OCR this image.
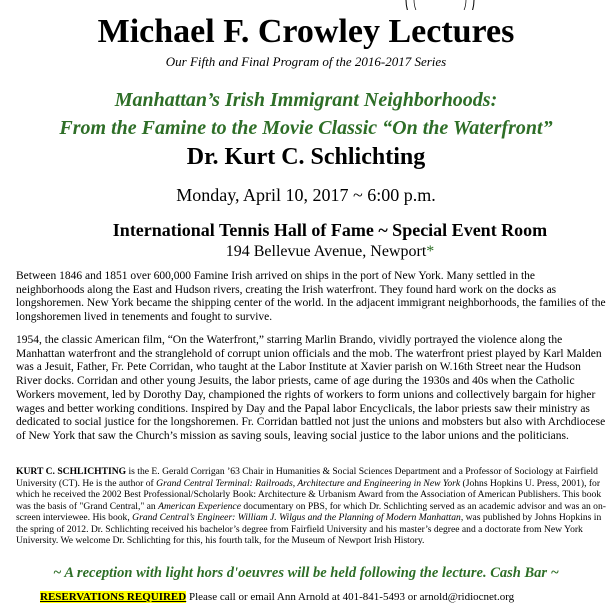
Michael F. Crowley Lectures
Our Fifth and Final Program of the 2016-2017 Series
Manhattan’s Irish Immigrant Neighborhoods:
From the Famine to the Movie Classic “On the Waterfront”
Dr. Kurt C. Schlichting
Monday, April 10, 2017 ~ 6:00 p.m.
International Tennis Hall of Fame ~ Special Event Room
194 Bellevue Avenue, Newport*

Between 1846 and 1851 over 600,000 Famine Irish arrived on ships in the port of New York. Many settled in the neighborhoods along the East and Hudson rivers, creating the Irish waterfront. They found hard work on the docks as longshoremen. New York became the shipping center of the world. In the adjacent immigrant neighborhoods, the families of the longshoremen lived in tenements and fought to survive.

1954, the classic American film, “On the Waterfront,” starring Marlin Brando, vividly portrayed the violence along the Manhattan waterfront and the stranglehold of corrupt union officials and the mob. The waterfront priest played by Karl Malden was a Jesuit, Father, Fr. Pete Corridan, who taught at the Labor Institute at Xavier parish on W.16th Street near the Hudson River docks. Corridan and other young Jesuits, the labor priests, came of age during the 1930s and 40s when the Catholic Workers movement, led by Dorothy Day, championed the rights of workers to form unions and collectively bargain for higher wages and better working conditions. Inspired by Day and the Papal labor Encyclicals, the labor priests saw their ministry as dedicated to social justice for the longshoremen. Fr. Corridan battled not just the unions and mobsters but also with Archdiocese of New York that saw the Church’s mission as saving souls, leaving social justice to the labor unions and the politicians.

KURT C. SCHLICHTING is the E. Gerald Corrigan ’63 Chair in Humanities & Social Sciences Department and a Professor of Sociology at Fairfield University (CT). He is the author of Grand Central Terminal: Railroads, Architecture and Engineering in New York (Johns Hopkins U. Press, 2001), for which he received the 2002 Best Professional/Scholarly Book: Architecture & Urbanism Award from the Association of American Publishers. This book was the basis of "Grand Central," an American Experience documentary on PBS, for which Dr. Schlichting served as an academic advisor and was an on-screen interviewee. His book, Grand Central’s Engineer: William J. Wilgus and the Planning of Modern Manhattan, was published by Johns Hopkins in the spring of 2012. Dr. Schlichting received his bachelor’s degree from Fairfield University and his master’s degree and a doctorate from New York University. We welcome Dr. Schlichting for this, his fourth talk, for the Museum of Newport Irish History.

~ A reception with light hors d'oeuvres will be held following the lecture. Cash Bar ~
RESERVATIONS REQUIRED Please call or email Ann Arnold at 401-841-5493 or arnold@ridiocnet.org
